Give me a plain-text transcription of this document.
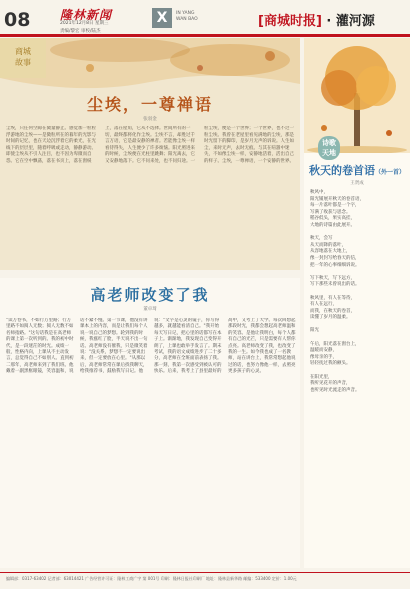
08 隆林新闻
2021年12月8日 星期三
责编/黎宏 审校/陆杰
X	IN YANG
WAN BAO	[商城时报] · 灌河源
商城
故事
尘埃，一尊禅语
张羽金
尘埃，只任何空隙在微量静止。感觉加一粒粒浮游地的尘埃——是微粒所在的暮年的光影与时间的记忆，也在天边沉浮着它的柔光，在光线下的层层里，随着呼吸或走动，静静游动。即使尘埃从不引人注目，也不因为卑微而自怨。它在空中飘荡，落在书页上，落在窗棂上，落在屋角，它从不选择。世间所有的一切，最终都将化作尘埃。尘埃不言，却胜过千言万语，它是最安静的禅者。若能像尘埃一样看待得失，人生便少了许多烦恼。阳光照进来的时候，尘埃便在光柱里跳舞；阳光离去，它又安静地落下。它不问来处，也不问归途。一粒尘埃，便是一个世界；一个世界，也不过一粒尘埃。我曾在老屋里看见满地的尘埃，那是时光留下的脚印，是岁月无声的诉说。人生如尘，来时无声，去时无痕。与其在喧嚣中迷失，不如像尘埃一样，安静地活着，活出自己的样子。尘埃，一尊禅语，一个安静的世界。
高老师改变了我
董卓琦
"读万卷书，不如行万里路；行万里路不如阅人无数；阅人无数不如名师指路。"这句话我是在高老师的课上第一次听到的。我的初中时代，是一段迷茫的时光。成绩一般，性格内向，上课从不主动发言，总觉得自己不如别人。直到初二那年，高老师来到了我们班。他戴着一副黑框眼镜，笑容温和，说话不紧不慢。第一节课，他没有讲课本上的内容，而是让我们每个人说一说自己的梦想。轮到我的时候，我涨红了脸，半天说不出一句话。高老师没有催我，只是微笑着说："没关系，梦想不一定要说出来，但一定要放在心里。"从那以后，高老师常常在课后找我聊天，给我推荐书，鼓励我写日记。他说："文字是心灵的镜子，你写得越多，就越能看清自己。"我开始每天写日记，把心里的话都写在本子上。渐渐地，我发现自己变得开朗了，上课也敢举手发言了。期末考试，我的语文成绩进步了二十多分，高老师在全班面前表扬了我。那一刻，我第一次感受到被认可的快乐。后来，我考上了县里最好的高中，又考上了大学。每次回想起那段时光，我都会想起高老师温和的笑容。是他让我明白，每个人都有自己的光芒，只是需要有人帮你点亮。高老师改变了我，也改变了我的一生。如今我也成了一名教师，站在讲台上，我常常想起他说过的话，也努力像他一样，去照亮更多孩子的心灵。
诗歌
天地
秋天的卷首语（外一首）
王贤成
秋风中，
阳光铺展开秋天的卷首语，
每一片落叶都是一个字，
写满了收获与思念。
稻谷低头，果实高挂，
大地的诗篇由此展开。

秋天，会写
从天而降的落叶，
从容地落在大地上，
像一封封写给春天的信，
把一年的心事细细诉说。

写下秋天，写下远方，
写下那些未曾说出的话。

秋风里，有人在等待，
有人在远行，
而我，在秋天的卷首，
读懂了岁月的温柔。

阳光

午后，阳光落在窗台上，
温暖而安静，
像母亲的手，
轻轻抚过我的额头。

在阳光里，
我听见花开的声音，
也听见时光流走的声音。
编辑部：0317-63402 记者部：63014421 广告经营许可证：隆林工商广字 第 001号 印刷：隆林日报社印刷厂 地址：隆林县新华路 邮编：533400 定价：1.00元
